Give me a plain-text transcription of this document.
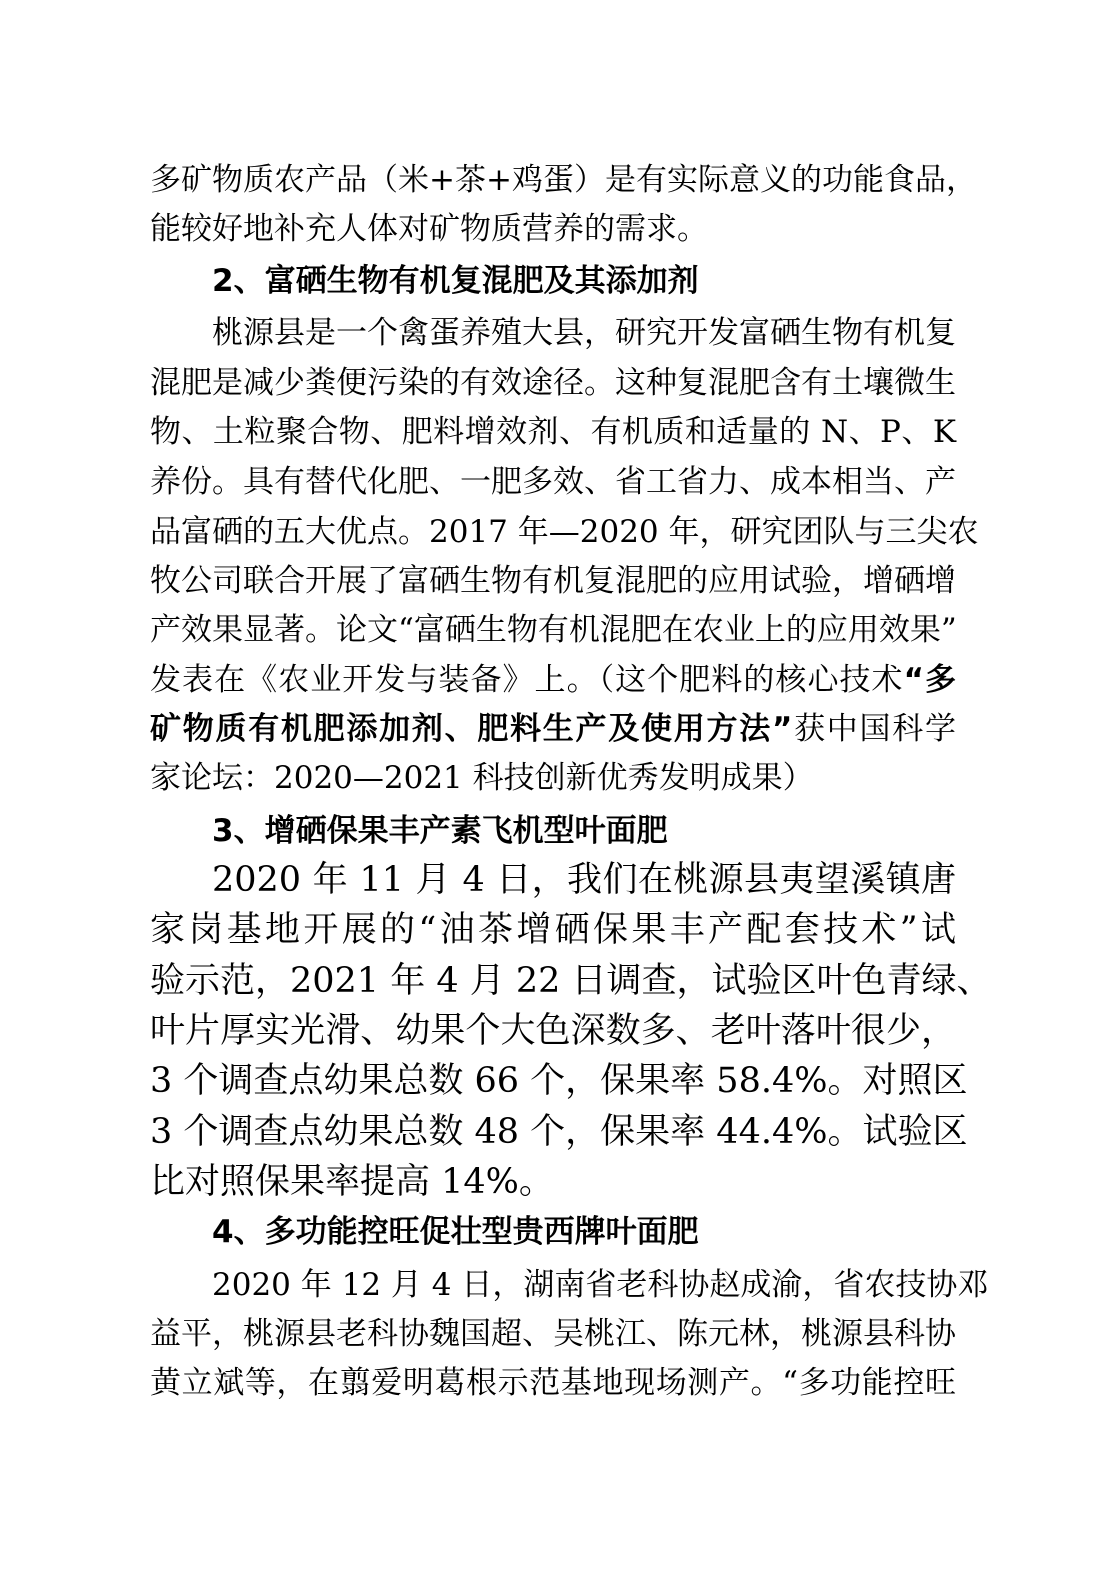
多矿物质农产品（米+茶+鸡蛋）是有实际意义的功能食品，
能较好地补充人体对矿物质营养的需求。
2、富硒生物有机复混肥及其添加剂
桃源县是一个禽蛋养殖大县，研究开发富硒生物有机复
混肥是减少粪便污染的有效途径。这种复混肥含有土壤微生
物、土粒聚合物、肥料增效剂、有机质和适量的 N、P、K
养份。具有替代化肥、一肥多效、省工省力、成本相当、产
品富硒的五大优点。2017 年—2020 年，研究团队与三尖农
牧公司联合开展了富硒生物有机复混肥的应用试验，增硒增
产效果显著。论文“富硒生物有机混肥在农业上的应用效果”
发表在《农业开发与装备》上。（这个肥料的核心技术“多
矿物质有机肥添加剂、肥料生产及使用方法”获中国科学
家论坛：2020—2021 科技创新优秀发明成果）
3、增硒保果丰产素飞机型叶面肥
2020 年 11 月 4 日，我们在桃源县夷望溪镇唐
家岗基地开展的“油茶增硒保果丰产配套技术”试
验示范，2021 年 4 月 22 日调查，试验区叶色青绿、
叶片厚实光滑、幼果个大色深数多、老叶落叶很少，
3 个调查点幼果总数 66 个，保果率 58.4%。对照区
3 个调查点幼果总数 48 个，保果率 44.4%。试验区
比对照保果率提高 14%。
4、多功能控旺促壮型贵西牌叶面肥
2020 年 12 月 4 日，湖南省老科协赵成渝，省农技协邓
益平，桃源县老科协魏国超、吴桃江、陈元林，桃源县科协
黄立斌等，在翦爱明葛根示范基地现场测产。“多功能控旺
